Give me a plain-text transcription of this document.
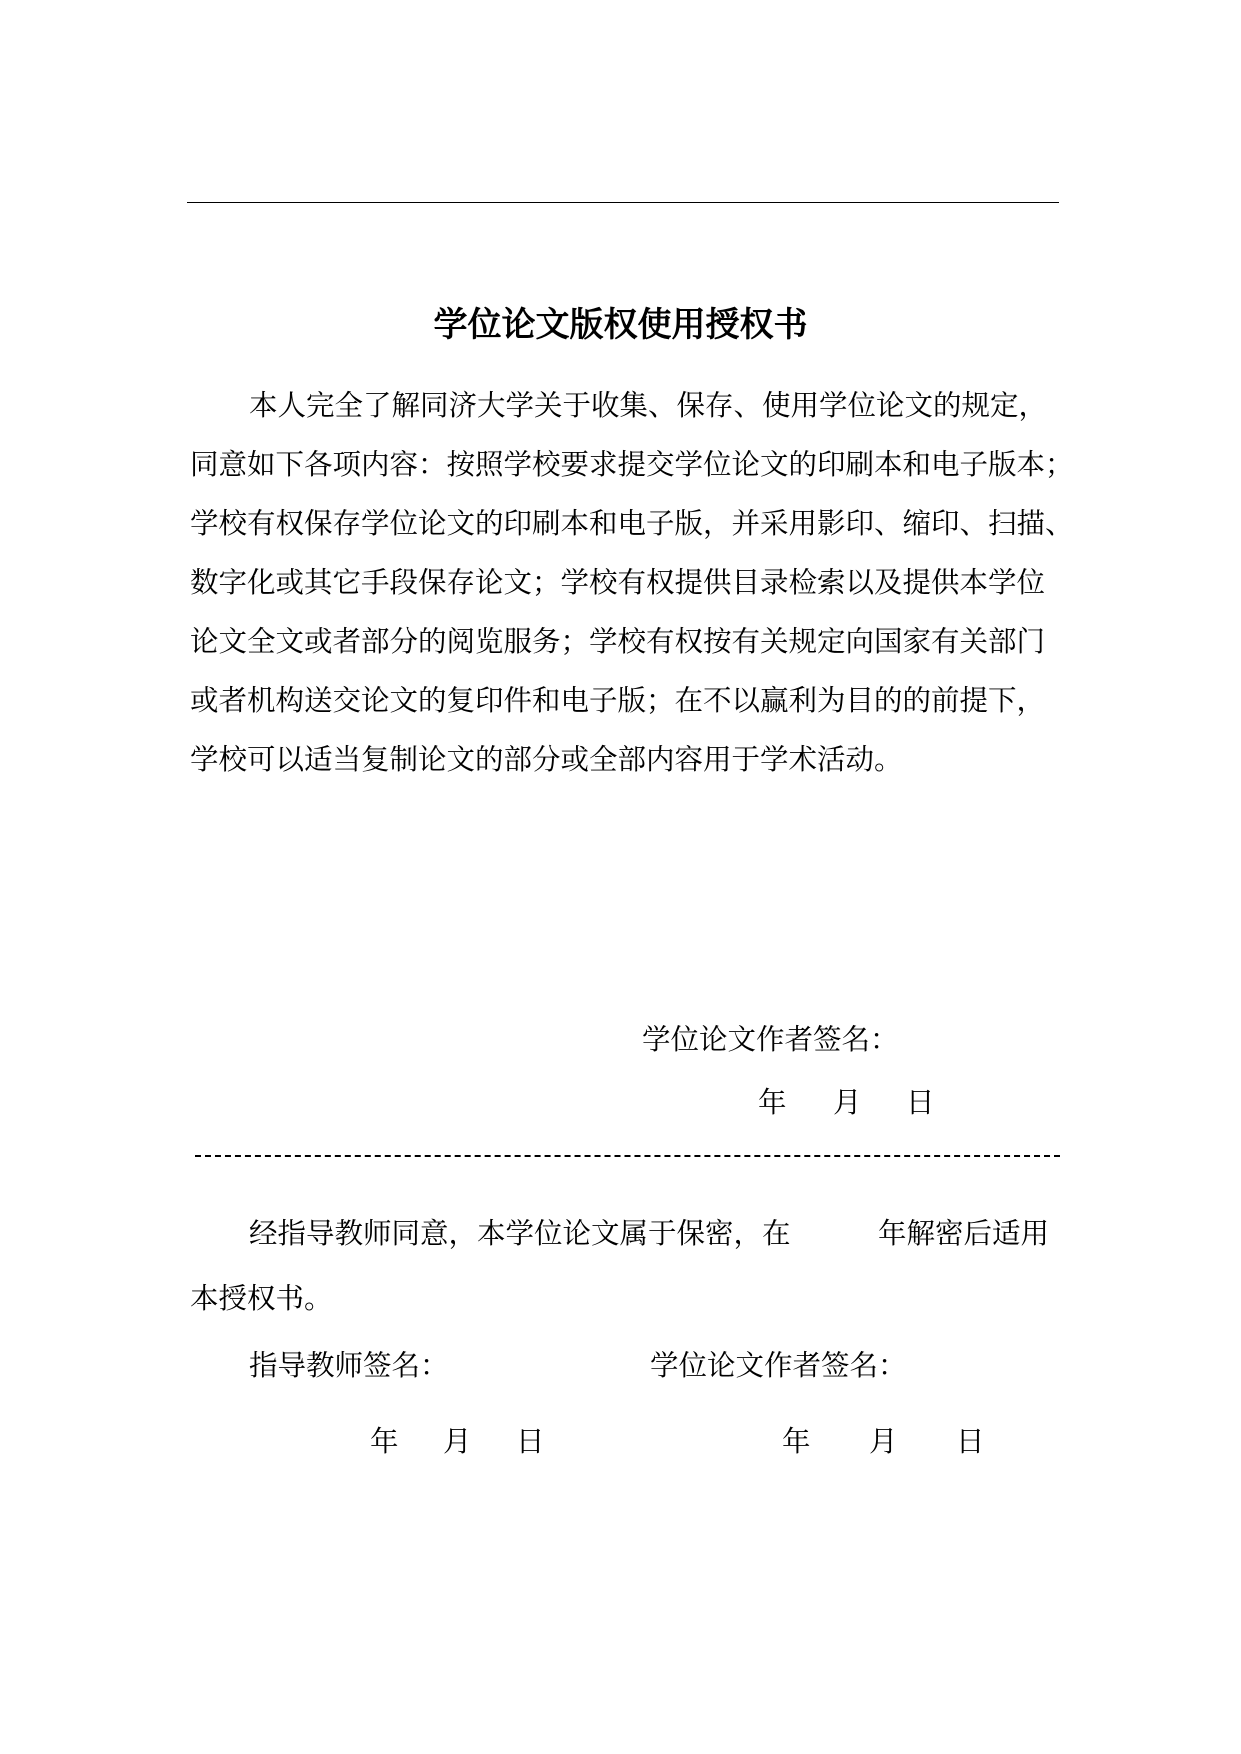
学位论文版权使用授权书
本人完全了解同济大学关于收集、保存、使用学位论文的规定，
同意如下各项内容：按照学校要求提交学位论文的印刷本和电子版本；
学校有权保存学位论文的印刷本和电子版，并采用影印、缩印、扫描、
数字化或其它手段保存论文；学校有权提供目录检索以及提供本学位
论文全文或者部分的阅览服务；学校有权按有关规定向国家有关部门
或者机构送交论文的复印件和电子版；在不以赢利为目的的前提下，
学校可以适当复制论文的部分或全部内容用于学术活动。
学位论文作者签名：
年 月 日
经指导教师同意，本学位论文属于保密，在	年解密后适用
本授权书。
指导教师签名：	学位论文作者签名：
年 月 日	年 月 日
